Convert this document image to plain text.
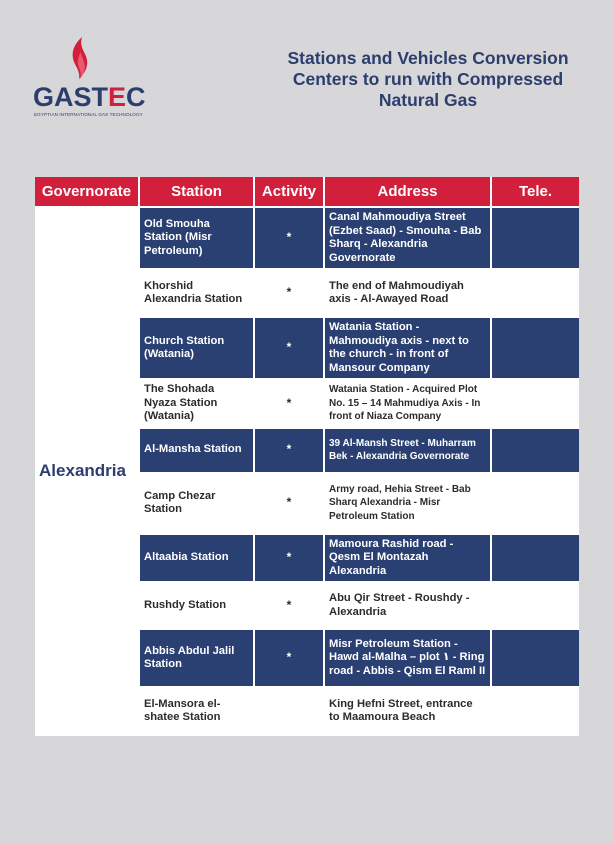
GASTEC
EGYPTIAN INTERNATIONAL GAS TECHNOLOGY
Stations and Vehicles Conversion Centers to run with Compressed Natural Gas
Governorate	Station	Activity	Address	Tele.
Alexandria	Old Smouha Station (Misr Petroleum)	*	Canal Mahmoudiya Street (Ezbet Saad) - Smouha - Bab Sharq - Alexandria Governorate	
	Khorshid Alexandria Station	*	The end of Mahmoudiyah axis - Al-Awayed Road	
	Church Station (Watania)	*	Watania Station - Mahmoudiya axis - next to the church - in front of Mansour Company	
	The Shohada Nyaza Station (Watania)	*	Watania Station - Acquired Plot No. 15 – 14 Mahmudiya Axis - In front of Niaza Company	
	Al-Mansha Station	*	39 Al-Mansh Street - Muharram Bek - Alexandria Governorate	
	Camp Chezar Station	*	Army road, Hehia Street - Bab Sharq Alexandria - Misr Petroleum Station	
	Altaabia Station	*	Mamoura Rashid road - Qesm El Montazah Alexandria	
	Rushdy Station	*	Abu Qir Street - Roushdy - Alexandria	
	Abbis Abdul Jalil Station	*	Misr Petroleum Station - Hawd al-Malha – plot ١ - Ring road - Abbis - Qism El Raml II	
	El-Mansora el-shatee Station		King Hefni Street, entrance to Maamoura Beach	
